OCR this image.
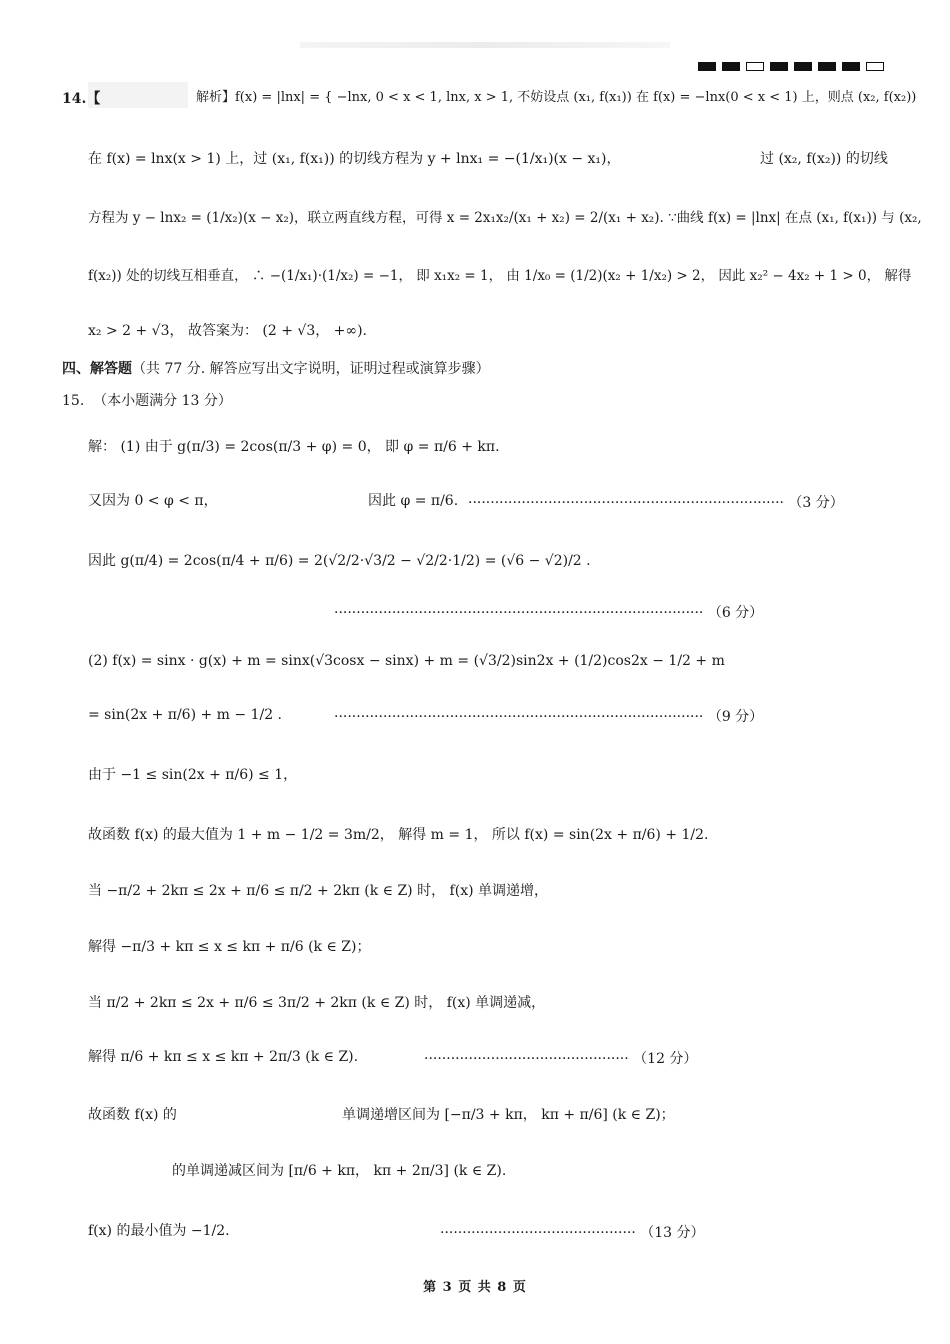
14.【	解析】f(x) = |lnx| = { −lnx, 0 < x < 1, lnx, x > 1, 不妨设点 (x₁, f(x₁)) 在 f(x) = −lnx(0 < x < 1) 上，则点 (x₂, f(x₂))
在 f(x) = lnx(x > 1) 上，过 (x₁, f(x₁)) 的切线方程为 y + lnx₁ = −(1/x₁)(x − x₁)，	过 (x₂, f(x₂)) 的切线
方程为 y − lnx₂ = (1/x₂)(x − x₂)，联立两直线方程，可得 x = 2x₁x₂/(x₁ + x₂) = 2/(x₁ + x₂). ∵曲线 f(x) = |lnx| 在点 (x₁, f(x₁)) 与 (x₂,
f(x₂)) 处的切线互相垂直， ∴ −(1/x₁)·(1/x₂) = −1， 即 x₁x₂ = 1， 由 1/x₀ = (1/2)(x₂ + 1/x₂) > 2， 因此 x₂² − 4x₂ + 1 > 0， 解得
x₂ > 2 + √3， 故答案为： (2 + √3， +∞).
四、解答题（共 77 分. 解答应写出文字说明，证明过程或演算步骤）
15. （本小题满分 13 分）
解： (1) 由于 g(π/3) = 2cos(π/3 + φ) = 0， 即 φ = π/6 + kπ.
又因为 0 < φ < π，	因此 φ = π/6. ······································································· （3 分）
因此 g(π/4) = 2cos(π/4 + π/6) = 2(√2/2·√3/2 − √2/2·1/2) = (√6 − √2)/2 .
··················································································· （6 分）
(2) f(x) = sinx · g(x) + m = sinx(√3cosx − sinx) + m = (√3/2)sin2x + (1/2)cos2x − 1/2 + m
= sin(2x + π/6) + m − 1/2 .	··················································································· （9 分）
由于 −1 ≤ sin(2x + π/6) ≤ 1，
故函数 f(x) 的最大值为 1 + m − 1/2 = 3m/2， 解得 m = 1， 所以 f(x) = sin(2x + π/6) + 1/2.
当 −π/2 + 2kπ ≤ 2x + π/6 ≤ π/2 + 2kπ (k ∈ Z) 时， f(x) 单调递增，
解得 −π/3 + kπ ≤ x ≤ kπ + π/6 (k ∈ Z)；
当 π/2 + 2kπ ≤ 2x + π/6 ≤ 3π/2 + 2kπ (k ∈ Z) 时， f(x) 单调递减，
解得 π/6 + kπ ≤ x ≤ kπ + 2π/3 (k ∈ Z).	·············································· （12 分）
故函数 f(x) 的	单调递增区间为 [−π/3 + kπ， kπ + π/6] (k ∈ Z)；
的单调递减区间为 [π/6 + kπ， kπ + 2π/3] (k ∈ Z).
f(x) 的最小值为 −1/2.	············································ （13 分）
第 3 页 共 8 页
